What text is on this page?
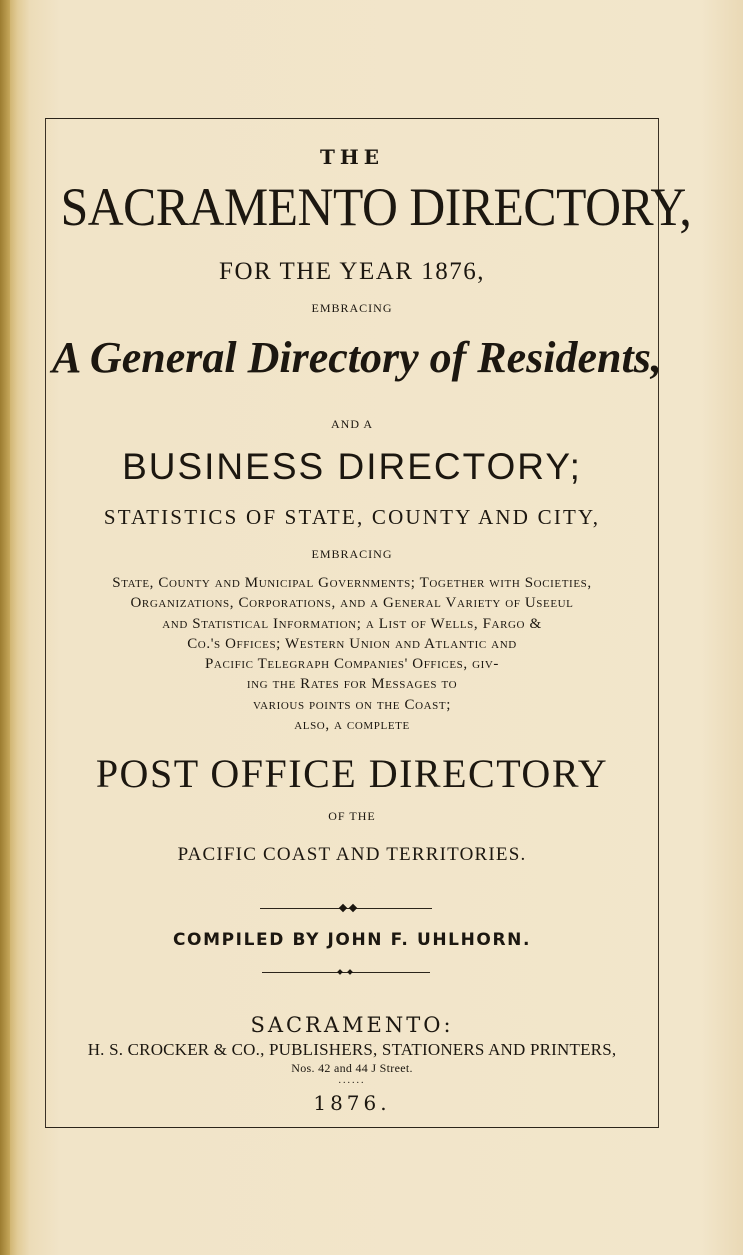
THE
SACRAMENTO DIRECTORY,
FOR THE YEAR 1876,
EMBRACING
A General Directory of Residents,
AND A
BUSINESS DIRECTORY;
STATISTICS OF STATE, COUNTY AND CITY,
EMBRACING
State, County and Municipal Governments; Together with Societies,
Organizations, Corporations, and a General Variety of Useeul
and Statistical Information; a List of Wells, Fargo &
Co.'s Offices; Western Union and Atlantic and
Pacific Telegraph Companies' Offices, giv-
ing the Rates for Messages to
various points on the Coast;
also, a complete
POST OFFICE DIRECTORY
OF THE
PACIFIC COAST AND TERRITORIES.
COMPILED BY JOHN F. UHLHORN.
SACRAMENTO:
H. S. CROCKER & CO., PUBLISHERS, STATIONERS AND PRINTERS,
Nos. 42 and 44 J Street.
......
1876.
